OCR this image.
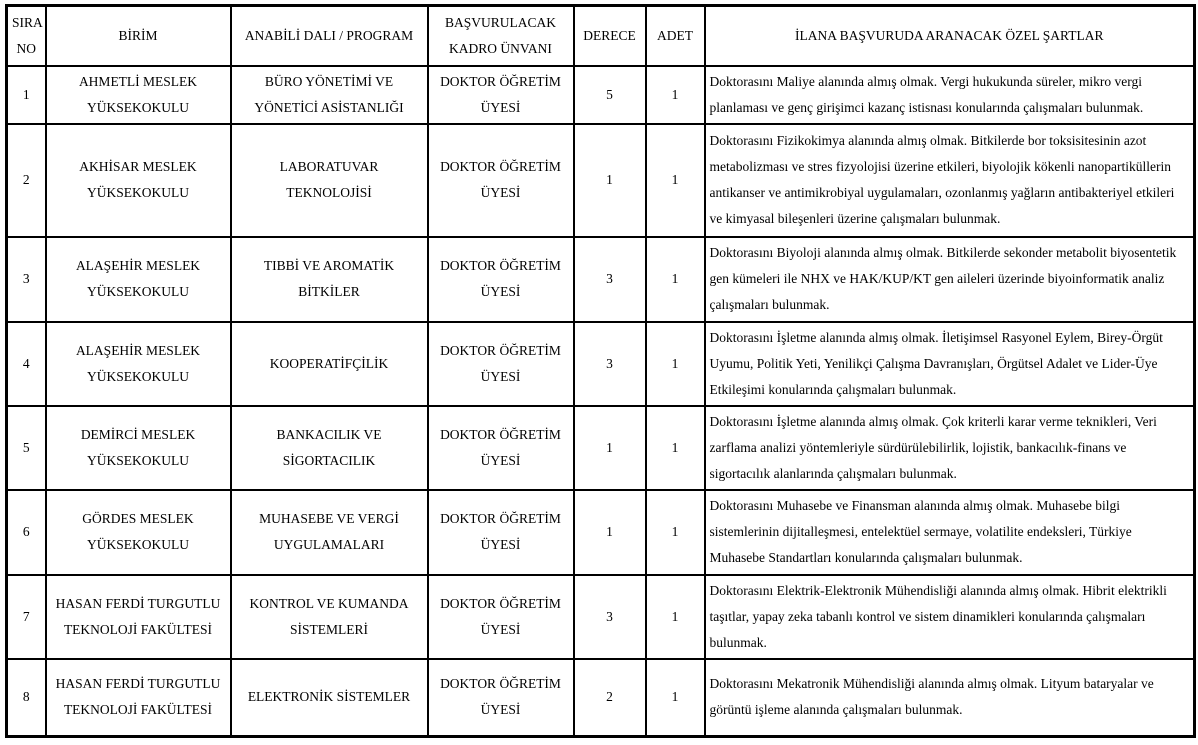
SIRA NO	BİRİM	ANABİLİ DALI / PROGRAM	BAŞVURULACAK KADRO ÜNVANI	DERECE	ADET	İLANA BAŞVURUDA ARANACAK ÖZEL ŞARTLAR
1	AHMETLİ MESLEK YÜKSEKOKULU	BÜRO YÖNETİMİ VE YÖNETİCİ ASİSTANLIĞI	DOKTOR ÖĞRETİM ÜYESİ	5	1	Doktorasını Maliye alanında almış olmak. Vergi hukukunda süreler, mikro vergi planlaması ve genç girişimci kazanç istisnası konularında çalışmaları bulunmak.
2	AKHİSAR MESLEK YÜKSEKOKULU	LABORATUVAR TEKNOLOJİSİ	DOKTOR ÖĞRETİM ÜYESİ	1	1	Doktorasını Fizikokimya alanında almış olmak. Bitkilerde bor toksisitesinin azot metabolizması ve stres fizyolojisi üzerine etkileri, biyolojik kökenli nanopartiküllerin antikanser ve antimikrobiyal uygulamaları, ozonlanmış yağların antibakteriyel etkileri ve kimyasal bileşenleri üzerine çalışmaları bulunmak.
3	ALAŞEHİR MESLEK YÜKSEKOKULU	TIBBİ VE AROMATİK BİTKİLER	DOKTOR ÖĞRETİM ÜYESİ	3	1	Doktorasını Biyoloji alanında almış olmak. Bitkilerde sekonder metabolit biyosentetik gen kümeleri ile NHX ve HAK/KUP/KT gen aileleri üzerinde biyoinformatik analiz çalışmaları bulunmak.
4	ALAŞEHİR MESLEK YÜKSEKOKULU	KOOPERATİFÇİLİK	DOKTOR ÖĞRETİM ÜYESİ	3	1	Doktorasını İşletme alanında almış olmak. İletişimsel Rasyonel Eylem, Birey-Örgüt Uyumu, Politik Yeti, Yenilikçi Çalışma Davranışları, Örgütsel Adalet ve Lider-Üye Etkileşimi konularında çalışmaları bulunmak.
5	DEMİRCİ MESLEK YÜKSEKOKULU	BANKACILIK VE SİGORTACILIK	DOKTOR ÖĞRETİM ÜYESİ	1	1	Doktorasını İşletme alanında almış olmak. Çok kriterli karar verme teknikleri, Veri zarflama analizi yöntemleriyle sürdürülebilirlik, lojistik, bankacılık-finans ve sigortacılık alanlarında çalışmaları bulunmak.
6	GÖRDES MESLEK YÜKSEKOKULU	MUHASEBE VE VERGİ UYGULAMALARI	DOKTOR ÖĞRETİM ÜYESİ	1	1	Doktorasını Muhasebe ve Finansman alanında almış olmak. Muhasebe bilgi sistemlerinin dijitalleşmesi, entelektüel sermaye, volatilite endeksleri, Türkiye Muhasebe Standartları konularında çalışmaları bulunmak.
7	HASAN FERDİ TURGUTLU TEKNOLOJİ FAKÜLTESİ	KONTROL VE KUMANDA SİSTEMLERİ	DOKTOR ÖĞRETİM ÜYESİ	3	1	Doktorasını Elektrik-Elektronik Mühendisliği alanında almış olmak. Hibrit elektrikli taşıtlar, yapay zeka tabanlı kontrol ve sistem dinamikleri konularında çalışmaları bulunmak.
8	HASAN FERDİ TURGUTLU TEKNOLOJİ FAKÜLTESİ	ELEKTRONİK SİSTEMLER	DOKTOR ÖĞRETİM ÜYESİ	2	1	Doktorasını Mekatronik Mühendisliği alanında almış olmak. Lityum bataryalar ve görüntü işleme alanında çalışmaları bulunmak.
